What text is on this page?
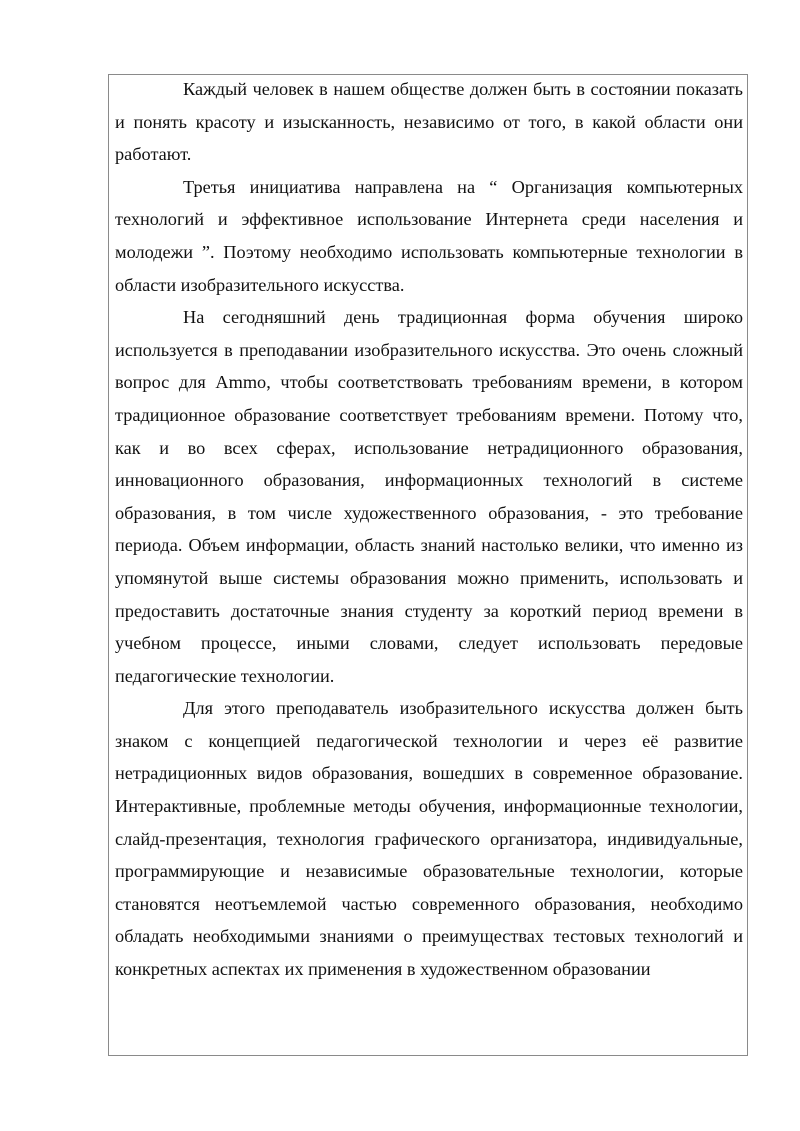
Каждый человек в нашем обществе должен быть в состоянии показать и понять красоту и изысканность, независимо от того, в какой области они работают.

Третья инициатива направлена на “ Организация компьютерных технологий и эффективное использование Интернета среди населения и молодежи ”. Поэтому необходимо использовать компьютерные технологии в области изобразительного искусства.

На сегодняшний день традиционная форма обучения широко используется в преподавании изобразительного искусства. Это очень сложный вопрос для Ammo, чтобы соответствовать требованиям времени, в котором традиционное образование соответствует требованиям времени. Потому что, как и во всех сферах, использование нетрадиционного образования, инновационного образования, информационных технологий в системе образования, в том числе художественного образования, - это требование периода. Объем информации, область знаний настолько велики, что именно из упомянутой выше системы образования можно применить, использовать и предоставить достаточные знания студенту за короткий период времени в учебном процессе, иными словами, следует использовать передовые педагогические технологии.

Для этого преподаватель изобразительного искусства должен быть знаком с концепцией педагогической технологии и через её развитие нетрадиционных видов образования, вошедших в современное образование. Интерактивные, проблемные методы обучения, информационные технологии, слайд-презентация, технология графического организатора, индивидуальные, программирующие и независимые образовательные технологии, которые становятся неотъемлемой частью современного образования, необходимо обладать необходимыми знаниями о преимуществах тестовых технологий и конкретных аспектах их применения в художественном образовании
